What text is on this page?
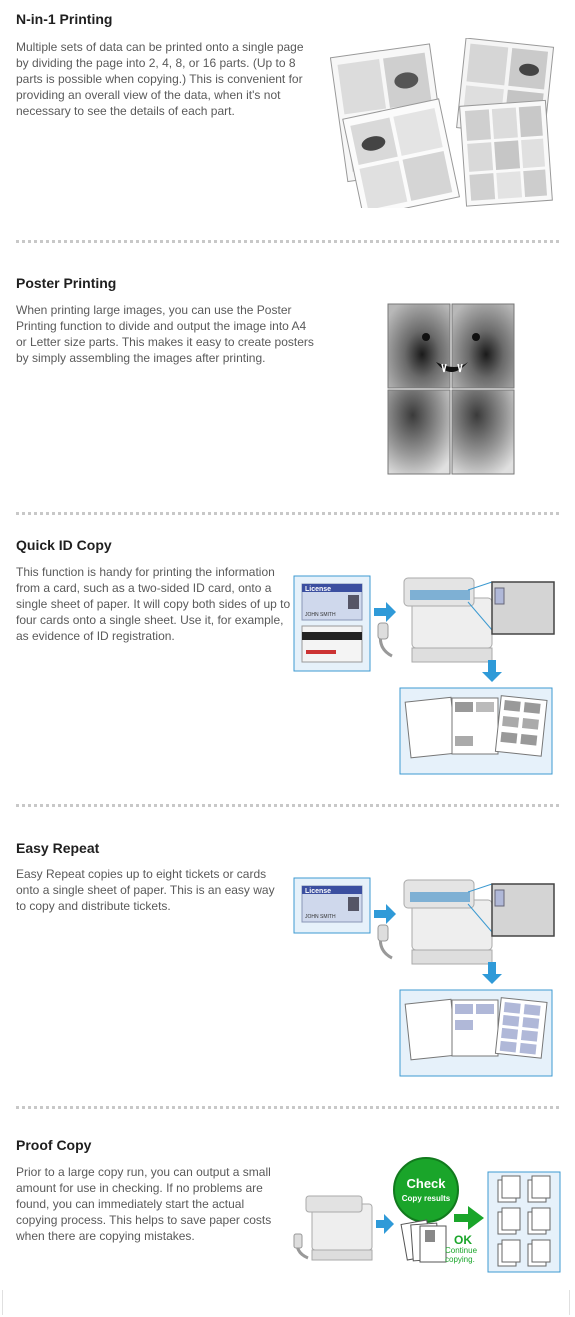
N-in-1 Printing
Multiple sets of data can be printed onto a single page by dividing the page into 2, 4, 8, or 16 parts. (Up to 8 parts is possible when copying.) This is convenient for providing an overall view of the data, when it's not necessary to see the details of each part.
Poster Printing
When printing large images, you can use the Poster Printing function to divide and output the image into A4 or Letter size parts. This makes it easy to create posters by simply assembling the images after printing.
Quick ID Copy
This function is handy for printing the information from a card, such as a two-sided ID card, onto a single sheet of paper. It will copy both sides of up to four cards onto a single sheet. Use it, for example, as evidence of ID registration.
License
JOHN SMITH
Easy Repeat
Easy Repeat copies up to eight tickets or cards onto a single sheet of paper. This is an easy way to copy and distribute tickets.
License
JOHN SMITH
Proof Copy
Prior to a large copy run, you can output a small amount for use in checking. If no problems are found, you can immediately start the actual copying process. This helps to save paper costs when there are copying mistakes.
Check
Copy results
OK
Continue
copying.
